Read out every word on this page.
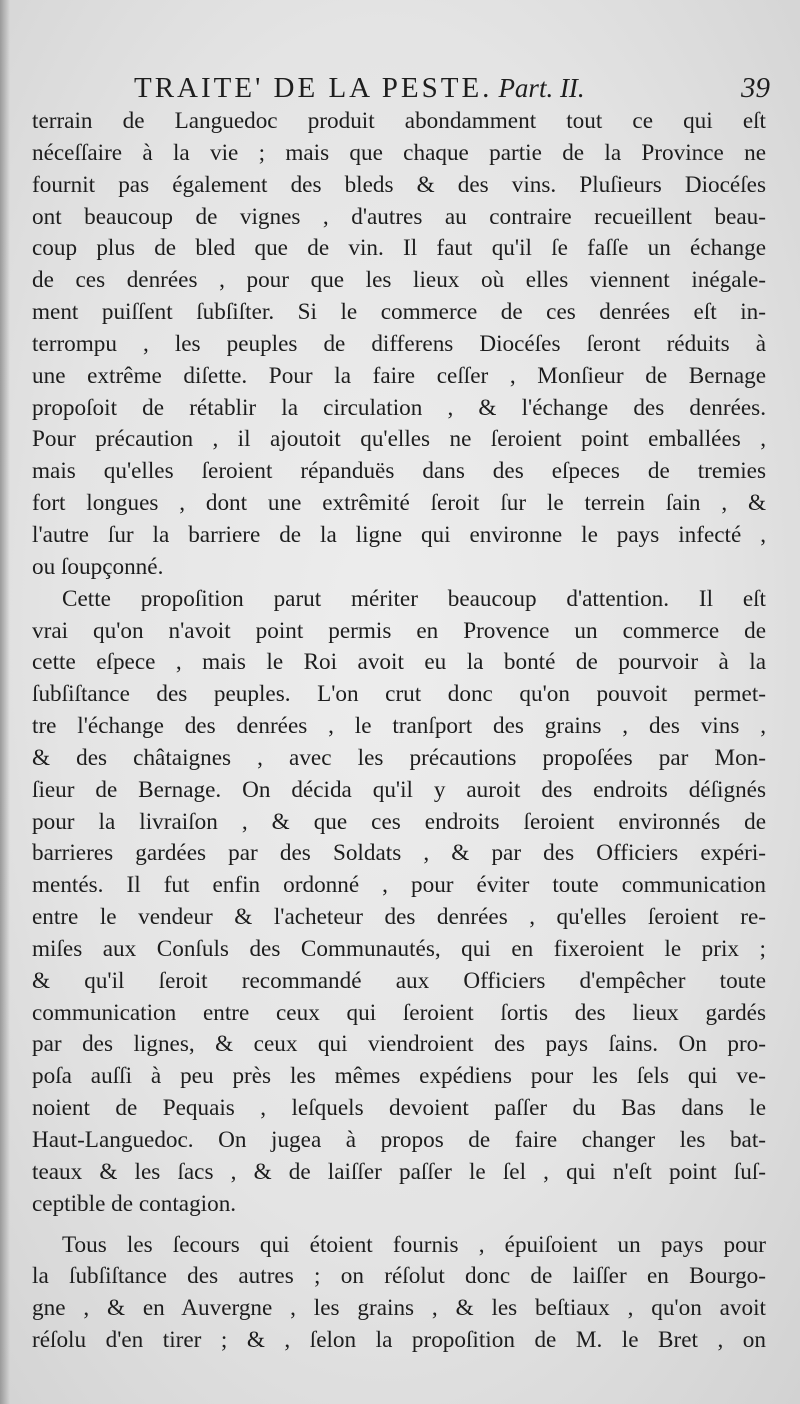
TRAITE' DE LA PESTE. Part. II.	39
terrain de Languedoc produit abondamment tout ce qui eſt
néceſſaire à la vie ; mais que chaque partie de la Province ne
fournit pas également des bleds & des vins. Pluſieurs Diocéſes
ont beaucoup de vignes , d'autres au contraire recueillent beau-
coup plus de bled que de vin. Il faut qu'il ſe faſſe un échange
de ces denrées , pour que les lieux où elles viennent inégale-
ment puiſſent ſubſiſter. Si le commerce de ces denrées eſt in-
terrompu , les peuples de differens Diocéſes ſeront réduits à
une extrême diſette. Pour la faire ceſſer , Monſieur de Bernage
propoſoit de rétablir la circulation , & l'échange des denrées.
Pour précaution , il ajoutoit qu'elles ne ſeroient point emballées ,
mais qu'elles ſeroient répanduës dans des eſpeces de tremies
fort longues , dont une extrêmité ſeroit ſur le terrein ſain , &
l'autre ſur la barriere de la ligne qui environne le pays infecté ,
ou ſoupçonné.
Cette propoſition parut mériter beaucoup d'attention. Il eſt
vrai qu'on n'avoit point permis en Provence un commerce de
cette eſpece , mais le Roi avoit eu la bonté de pourvoir à la
ſubſiſtance des peuples. L'on crut donc qu'on pouvoit permet-
tre l'échange des denrées , le tranſport des grains , des vins ,
& des châtaignes , avec les précautions propoſées par Mon-
ſieur de Bernage. On décida qu'il y auroit des endroits déſignés
pour la livraiſon , & que ces endroits ſeroient environnés de
barrieres gardées par des Soldats , & par des Officiers expéri-
mentés. Il fut enfin ordonné , pour éviter toute communication
entre le vendeur & l'acheteur des denrées , qu'elles ſeroient re-
miſes aux Conſuls des Communautés, qui en fixeroient le prix ;
& qu'il ſeroit recommandé aux Officiers d'empêcher toute
communication entre ceux qui ſeroient ſortis des lieux gardés
par des lignes, & ceux qui viendroient des pays ſains. On pro-
poſa auſſi à peu près les mêmes expédiens pour les ſels qui ve-
noient de Pequais , leſquels devoient paſſer du Bas dans le
Haut-Languedoc. On jugea à propos de faire changer les bat-
teaux & les ſacs , & de laiſſer paſſer le ſel , qui n'eſt point ſuſ-
ceptible de contagion.
Tous les ſecours qui étoient fournis , épuiſoient un pays pour
la ſubſiſtance des autres ; on réſolut donc de laiſſer en Bourgo-
gne , & en Auvergne , les grains , & les beſtiaux , qu'on avoit
réſolu d'en tirer ; & , ſelon la propoſition de M. le Bret , on
